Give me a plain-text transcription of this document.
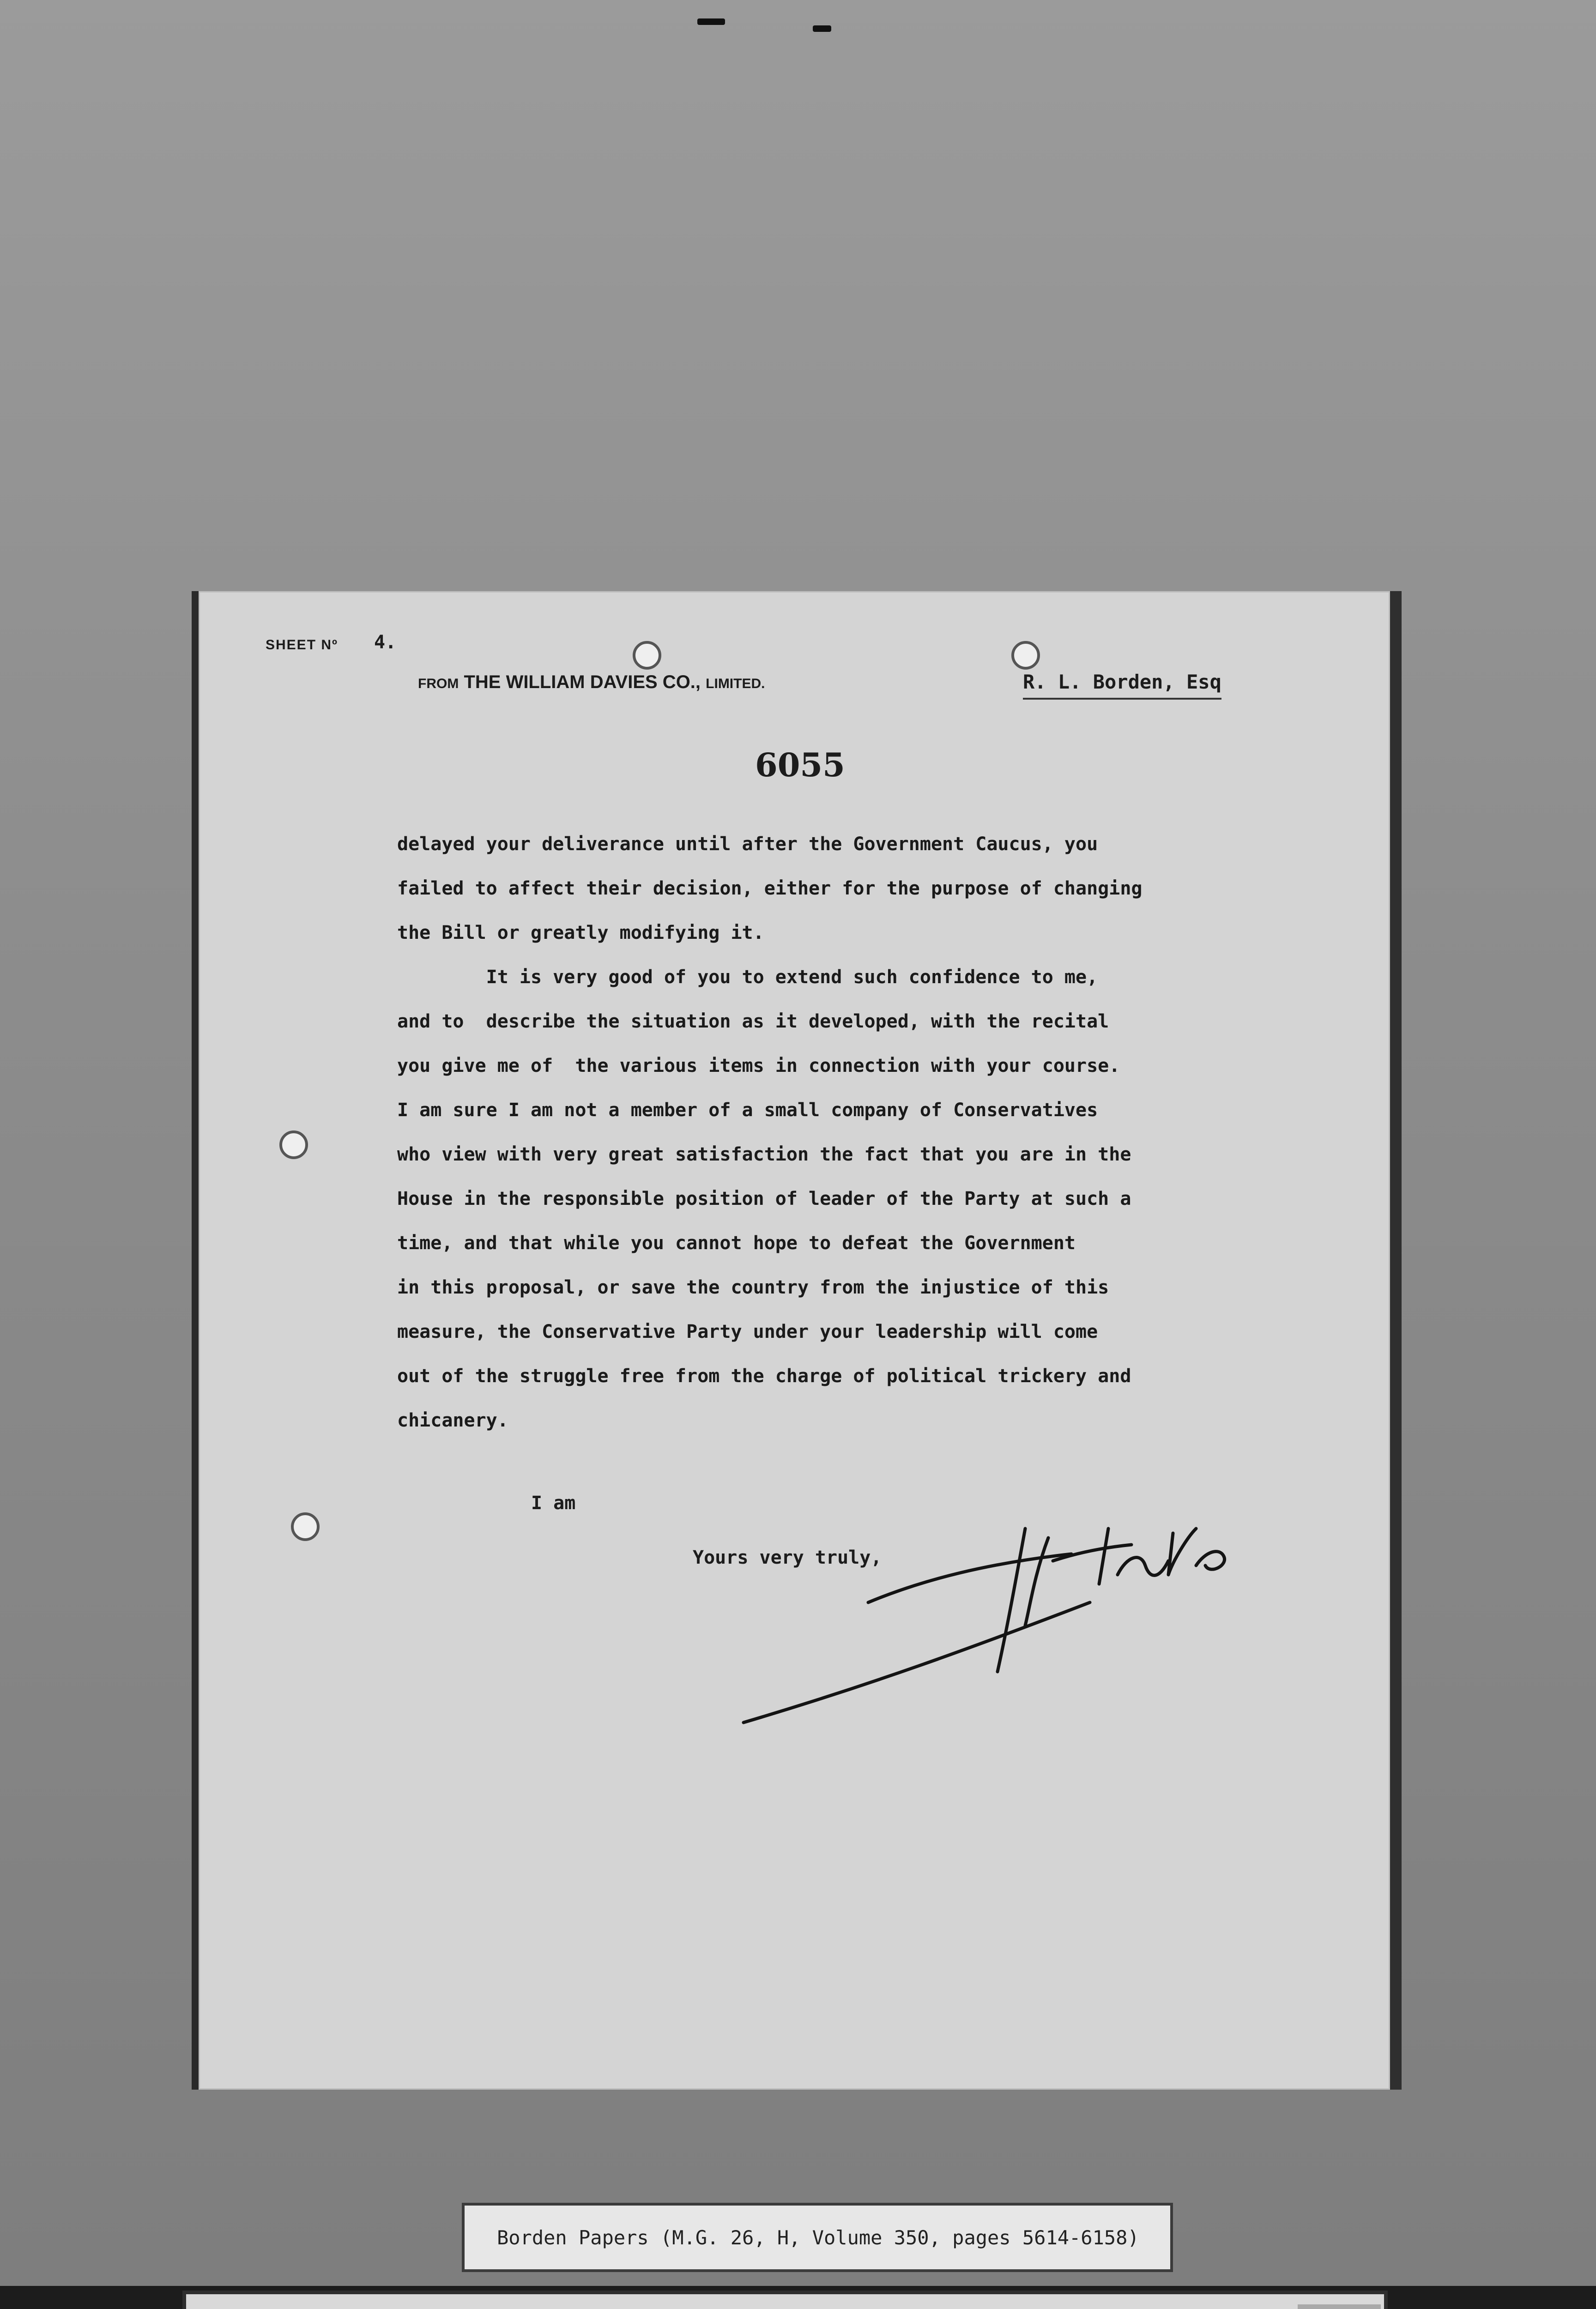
SHEET Nº 4.
FROM THE WILLIAM DAVIES CO., LIMITED.	R. L. Borden, Esq
6055
delayed your deliverance until after the Government Caucus, you
failed to affect their decision, either for the purpose of changing
the Bill or greatly modifying it.
It is very good of you to extend such confidence to me,
and to  describe the situation as it developed, with the recital
you give me of  the various items in connection with your course.
I am sure I am not a member of a small company of Conservatives
who view with very great satisfaction the fact that you are in the
House in the responsible position of leader of the Party at such a
time, and that while you cannot hope to defeat the Government
in this proposal, or save the country from the injustice of this
measure, the Conservative Party under your leadership will come
out of the struggle free from the charge of political trickery and
chicanery.
I am
Yours very truly,
Borden Papers (M.G. 26, H, Volume 350, pages 5614-6158)
